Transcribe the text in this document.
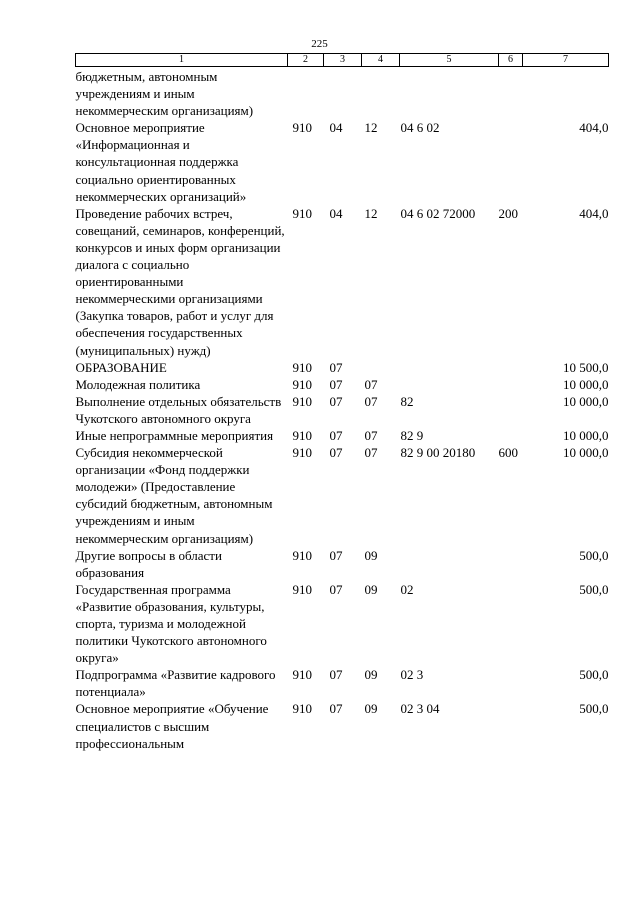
225
1	2	3	4	5	6	7
бюджетным, автономным учреждениям и иным некоммерческим организациям)						
Основное мероприятие «Информационная и консультационная поддержка социально ориентированных некоммерческих организаций»	910	04	12	04 6 02		404,0
Проведение рабочих встреч, совещаний, семинаров, конференций, конкурсов и иных форм организации диалога с социально ориентированными некоммерческими организациями (Закупка товаров, работ и услуг для обеспечения государственных (муниципальных) нужд)	910	04	12	04 6 02 72000	200	404,0
ОБРАЗОВАНИЕ	910	07				10 500,0
Молодежная политика	910	07	07			10 000,0
Выполнение отдельных обязательств Чукотского автономного округа	910	07	07	82		10 000,0
Иные непрограммные мероприятия	910	07	07	82 9		10 000,0
Субсидия некоммерческой организации «Фонд поддержки молодежи» (Предоставление субсидий бюджетным, автономным учреждениям и иным некоммерческим организациям)	910	07	07	82 9 00 20180	600	10 000,0
Другие вопросы в области образования	910	07	09			500,0
Государственная программа «Развитие образования, культуры, спорта, туризма и молодежной политики Чукотского автономного округа»	910	07	09	02		500,0
Подпрограмма «Развитие кадрового потенциала»	910	07	09	02 3		500,0
Основное мероприятие «Обучение специалистов с высшим профессиональным	910	07	09	02 3 04		500,0
